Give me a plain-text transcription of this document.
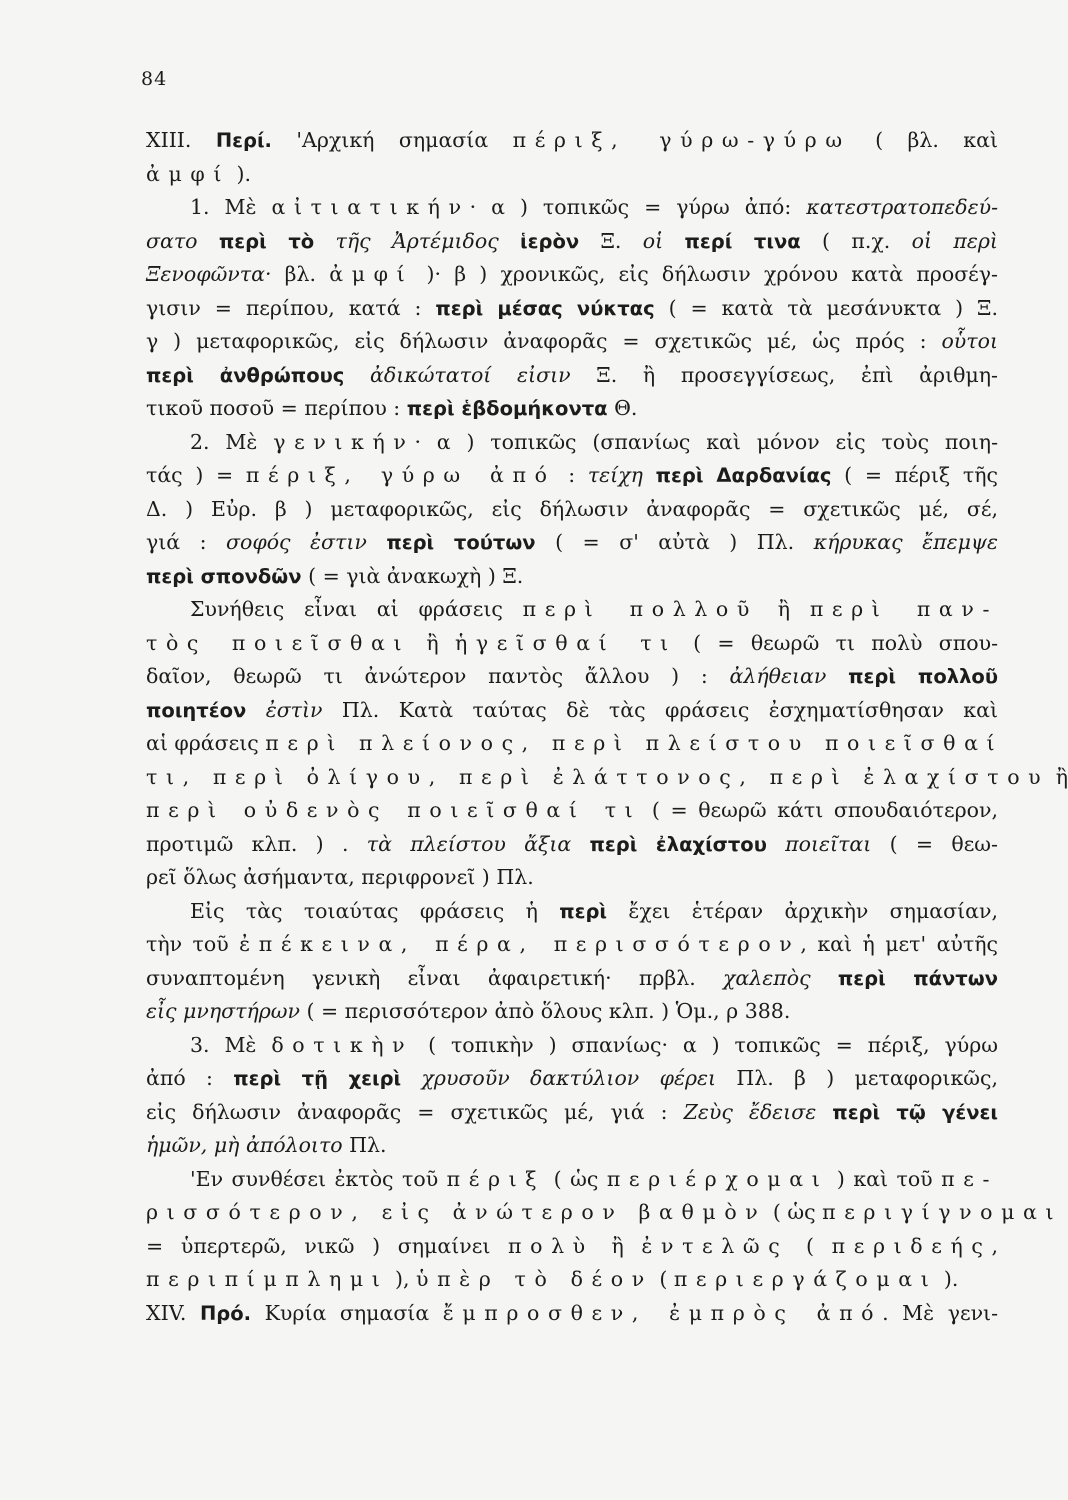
84
XIII. Περί. 'Αρχική σημασία πέριξ, γύρω-γύρω ( βλ. καὶ
ἀμφί ).
1. Μὲ αἰτιατικήν· α ) τοπικῶς = γύρω ἀπό: κατεστρατοπεδεύ-
σατο περὶ τὸ τῆς Ἀρτέμιδος ἱερὸν Ξ. οἱ περί τινα ( π.χ. οἱ περὶ
Ξενοφῶντα· βλ. ἀμφί )· β ) χρονικῶς, εἰς δήλωσιν χρόνου κατὰ προσέγ-
γισιν = περίπου, κατά : περὶ μέσας νύκτας ( = κατὰ τὰ μεσάνυκτα ) Ξ.
γ ) μεταφορικῶς, εἰς δήλωσιν ἀναφορᾶς = σχετικῶς μέ, ὡς πρός : οὗτοι
περὶ ἀνθρώπους ἀδικώτατοί εἰσιν Ξ. ἢ προσεγγίσεως, ἐπὶ ἀριθμη-
τικοῦ ποσοῦ = περίπου : περὶ ἑβδομήκοντα Θ.
2. Μὲ γενικήν· α ) τοπικῶς (σπανίως καὶ μόνον εἰς τοὺς ποιη-
τάς ) = πέριξ, γύρω ἀπό : τείχη περὶ Δαρδανίας ( = πέριξ τῆς
Δ. ) Εὐρ. β ) μεταφορικῶς, εἰς δήλωσιν ἀναφορᾶς = σχετικῶς μέ, σέ,
γιά : σοφός ἐστιν περὶ τούτων ( = σ' αὐτὰ ) Πλ. κήρυκας ἔπεμψε
περὶ σπονδῶν ( = γιὰ ἀνακωχὴ ) Ξ.
Συνήθεις εἶναι αἱ φράσεις περὶ πολλοῦ ἢ περὶ παν-
τὸς ποιεῖσθαι ἢ ἡγεῖσθαί τι ( = θεωρῶ τι πολὺ σπου-
δαῖον, θεωρῶ τι ἀνώτερον παντὸς ἄλλου ) : ἀλήθειαν περὶ πολλοῦ
ποιητέον ἐστὶν Πλ. Κατὰ ταύτας δὲ τὰς φράσεις ἐσχηματίσθησαν καὶ
αἱ φράσεις περὶ πλείονος, περὶ πλείστου ποιεῖσθαί
τι, περὶ ὀλίγου, περὶ ἐλάττονος, περὶ ἐλαχίστου ἢ
περὶ οὐδενὸς ποιεῖσθαί τι ( = θεωρῶ κάτι σπουδαιότερον,
προτιμῶ κλπ. ) . τὰ πλείστου ἄξια περὶ ἐλαχίστου ποιεῖται ( = θεω-
ρεῖ ὅλως ἀσήμαντα, περιφρονεῖ ) Πλ.
Εἰς τὰς τοιαύτας φράσεις ἡ περὶ ἔχει ἑτέραν ἀρχικὴν σημασίαν,
τὴν τοῦ ἐπέκεινα, πέρα, περισσότερον, καὶ ἡ μετ' αὐτῆς
συναπτομένη γενικὴ εἶναι ἀφαιρετική· πρβλ. χαλεπὸς περὶ πάντων
εἶς μνηστήρων ( = περισσότερον ἀπὸ ὅλους κλπ. ) Ὁμ., ρ 388.
3. Μὲ δοτικὴν ( τοπικὴν ) σπανίως· α ) τοπικῶς = πέριξ, γύρω
ἀπό : περὶ τῇ χειρὶ χρυσοῦν δακτύλιον φέρει Πλ. β ) μεταφορικῶς,
εἰς δήλωσιν ἀναφορᾶς = σχετικῶς μέ, γιά : Ζεὺς ἔδεισε περὶ τῷ γένει
ἡμῶν, μὴ ἀπόλοιτο Πλ.
'Εν συνθέσει ἐκτὸς τοῦ πέριξ ( ὡς περιέρχομαι ) καὶ τοῦ πε-
ρισσότερον, εἰς ἀνώτερον βαθμὸν ( ὡς περιγίγνομαι
= ὑπερτερῶ, νικῶ ) σημαίνει πολὺ ἢ ἐντελῶς ( περιδεής,
περιπίμπλημι ), ὑπὲρ τὸ δέον ( περιεργάζομαι ).
XIV. Πρό. Κυρία σημασία ἔμπροσθεν, ἐμπρὸς ἀπό. Μὲ γενι-
